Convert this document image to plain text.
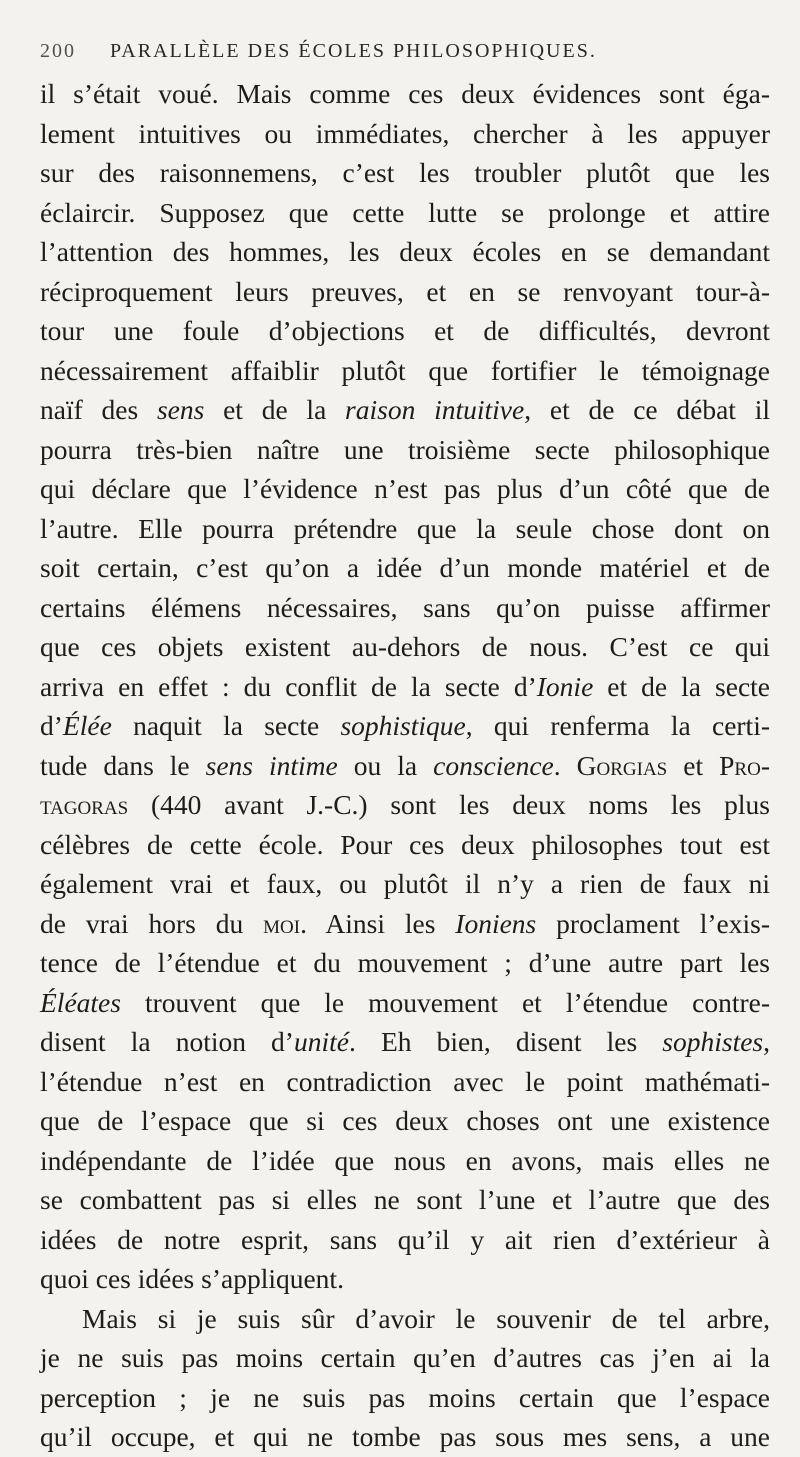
200 PARALLÈLE DES ÉCOLES PHILOSOPHIQUES.
il s’était voué. Mais comme ces deux évidences sont éga-
lement intuitives ou immédiates, chercher à les appuyer
sur des raisonnemens, c’est les troubler plutôt que les
éclaircir. Supposez que cette lutte se prolonge et attire
l’attention des hommes, les deux écoles en se demandant
réciproquement leurs preuves, et en se renvoyant tour-à-
tour une foule d’objections et de difficultés, devront
nécessairement affaiblir plutôt que fortifier le témoignage
naïf des sens et de la raison intuitive, et de ce débat il
pourra très-bien naître une troisième secte philosophique
qui déclare que l’évidence n’est pas plus d’un côté que de
l’autre. Elle pourra prétendre que la seule chose dont on
soit certain, c’est qu’on a idée d’un monde matériel et de
certains élémens nécessaires, sans qu’on puisse affirmer
que ces objets existent au-dehors de nous. C’est ce qui
arriva en effet : du conflit de la secte d’Ionie et de la secte
d’Élée naquit la secte sophistique, qui renferma la certi-
tude dans le sens intime ou la conscience. Gorgias et Pro-
tagoras (440 avant J.-C.) sont les deux noms les plus
célèbres de cette école. Pour ces deux philosophes tout est
également vrai et faux, ou plutôt il n’y a rien de faux ni
de vrai hors du moi. Ainsi les Ioniens proclament l’exis-
tence de l’étendue et du mouvement ; d’une autre part les
Éléates trouvent que le mouvement et l’étendue contre-
disent la notion d’unité. Eh bien, disent les sophistes,
l’étendue n’est en contradiction avec le point mathémati-
que de l’espace que si ces deux choses ont une existence
indépendante de l’idée que nous en avons, mais elles ne
se combattent pas si elles ne sont l’une et l’autre que des
idées de notre esprit, sans qu’il y ait rien d’extérieur à
quoi ces idées s’appliquent.
Mais si je suis sûr d’avoir le souvenir de tel arbre,
je ne suis pas moins certain qu’en d’autres cas j’en ai la
perception ; je ne suis pas moins certain que l’espace
qu’il occupe, et qui ne tombe pas sous mes sens, a une
